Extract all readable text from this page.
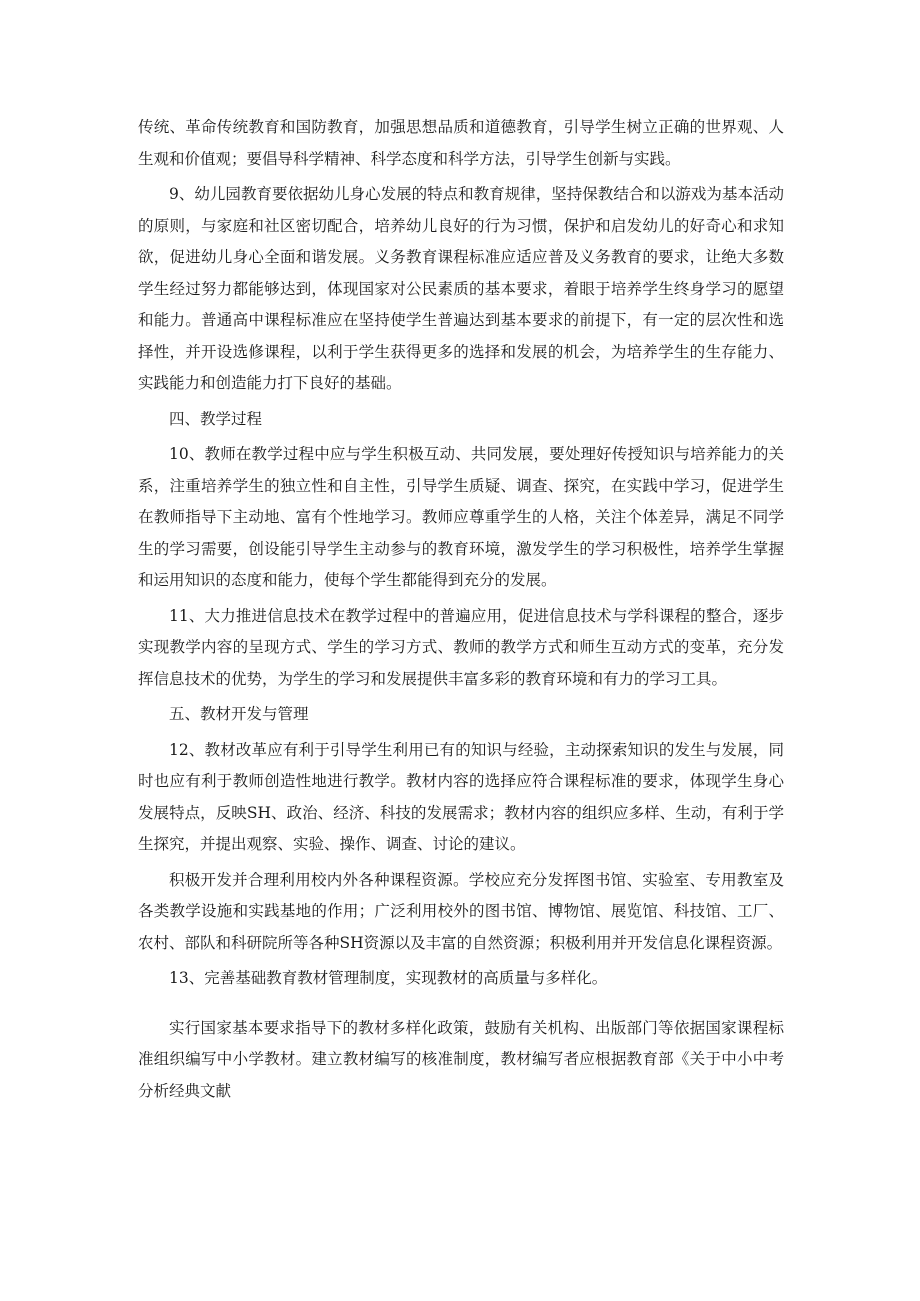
传统、革命传统教育和国防教育，加强思想品质和道德教育，引导学生树立正确的世界观、人生观和价值观；要倡导科学精神、科学态度和科学方法，引导学生创新与实践。

9、幼儿园教育要依据幼儿身心发展的特点和教育规律，坚持保教结合和以游戏为基本活动的原则，与家庭和社区密切配合，培养幼儿良好的行为习惯，保护和启发幼儿的好奇心和求知欲，促进幼儿身心全面和谐发展。义务教育课程标准应适应普及义务教育的要求，让绝大多数学生经过努力都能够达到，体现国家对公民素质的基本要求，着眼于培养学生终身学习的愿望和能力。普通高中课程标准应在坚持使学生普遍达到基本要求的前提下，有一定的层次性和选择性，并开设选修课程，以利于学生获得更多的选择和发展的机会，为培养学生的生存能力、实践能力和创造能力打下良好的基础。

四、教学过程

10、教师在教学过程中应与学生积极互动、共同发展，要处理好传授知识与培养能力的关系，注重培养学生的独立性和自主性，引导学生质疑、调查、探究，在实践中学习，促进学生在教师指导下主动地、富有个性地学习。教师应尊重学生的人格，关注个体差异，满足不同学生的学习需要，创设能引导学生主动参与的教育环境，激发学生的学习积极性，培养学生掌握和运用知识的态度和能力，使每个学生都能得到充分的发展。

11、大力推进信息技术在教学过程中的普遍应用，促进信息技术与学科课程的整合，逐步实现教学内容的呈现方式、学生的学习方式、教师的教学方式和师生互动方式的变革，充分发挥信息技术的优势，为学生的学习和发展提供丰富多彩的教育环境和有力的学习工具。

五、教材开发与管理

12、教材改革应有利于引导学生利用已有的知识与经验，主动探索知识的发生与发展，同时也应有利于教师创造性地进行教学。教材内容的选择应符合课程标准的要求，体现学生身心发展特点，反映SH、政治、经济、科技的发展需求；教材内容的组织应多样、生动，有利于学生探究，并提出观察、实验、操作、调查、讨论的建议。

积极开发并合理利用校内外各种课程资源。学校应充分发挥图书馆、实验室、专用教室及各类教学设施和实践基地的作用；广泛利用校外的图书馆、博物馆、展览馆、科技馆、工厂、农村、部队和科研院所等各种SH资源以及丰富的自然资源；积极利用并开发信息化课程资源。

13、完善基础教育教材管理制度，实现教材的高质量与多样化。

实行国家基本要求指导下的教材多样化政策，鼓励有关机构、出版部门等依据国家课程标准组织编写中小学教材。建立教材编写的核准制度，教材编写者应根据教育部《关于中小中考分析经典文献
